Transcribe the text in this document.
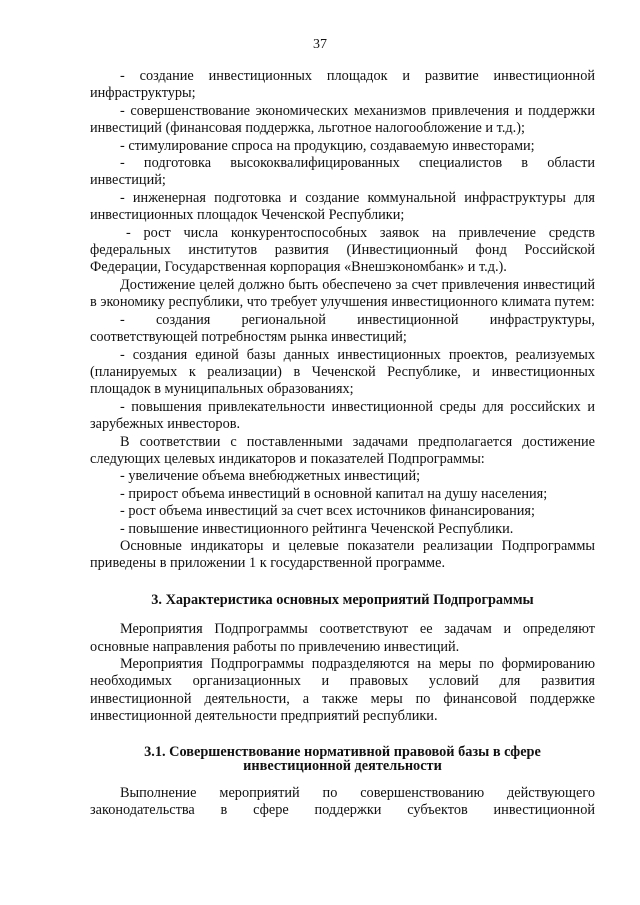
37

- создание инвестиционных площадок и развитие инвестиционной инфраструктуры;

- совершенствование экономических механизмов привлечения и поддержки инвестиций (финансовая поддержка, льготное налогообложение и т.д.);

- стимулирование спроса на продукцию, создаваемую инвесторами;

- подготовка высококвалифицированных специалистов в области инвестиций;

- инженерная подготовка и создание коммунальной инфраструктуры для инвестиционных площадок Чеченской Республики;

- рост числа конкурентоспособных заявок на привлечение средств федеральных институтов развития (Инвестиционный фонд Российской Федерации, Государственная корпорация «Внешэкономбанк» и т.д.).

Достижение целей должно быть обеспечено за счет привлечения инвестиций в экономику республики, что требует улучшения инвестиционного климата путем:

- создания региональной инвестиционной инфраструктуры, соответствующей потребностям рынка инвестиций;

- создания единой базы данных инвестиционных проектов, реализуемых (планируемых к реализации) в Чеченской Республике, и инвестиционных площадок в муниципальных образованиях;

- повышения привлекательности инвестиционной среды для российских и зарубежных инвесторов.

В соответствии с поставленными задачами предполагается достижение следующих целевых индикаторов и показателей Подпрограммы:

- увеличение объема внебюджетных инвестиций;

- прирост объема инвестиций в основной капитал на душу населения;

- рост объема инвестиций за счет всех источников финансирования;

- повышение инвестиционного рейтинга Чеченской Республики.

Основные индикаторы и целевые показатели реализации Подпрограммы приведены в приложении 1 к государственной программе.

3. Характеристика основных мероприятий Подпрограммы

Мероприятия Подпрограммы соответствуют ее задачам и определяют основные направления работы по привлечению инвестиций.

Мероприятия Подпрограммы подразделяются на меры по формированию необходимых организационных и правовых условий для развития инвестиционной деятельности, а также меры по финансовой поддержке инвестиционной деятельности предприятий республики.

3.1. Совершенствование нормативной правовой базы в сфере
инвестиционной деятельности

Выполнение мероприятий по совершенствованию действующего законодательства в сфере поддержки субъектов инвестиционной
